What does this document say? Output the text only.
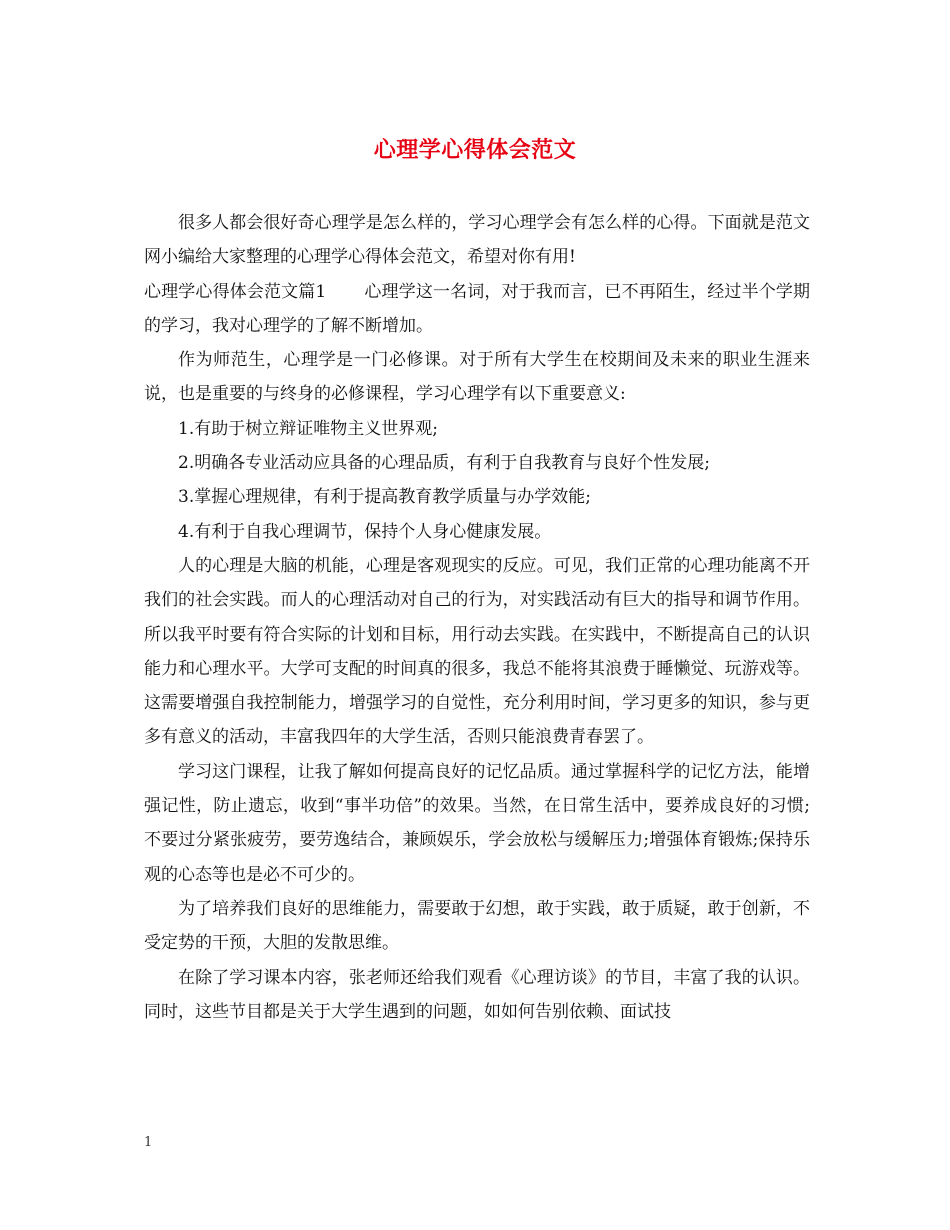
心理学心得体会范文

很多人都会很好奇心理学是怎么样的，学习心理学会有怎么样的心得。下面就是范文网小编给大家整理的心理学心得体会范文，希望对你有用!

心理学心得体会范文篇1 心理学这一名词，对于我而言，已不再陌生，经过半个学期的学习，我对心理学的了解不断增加。

作为师范生，心理学是一门必修课。对于所有大学生在校期间及未来的职业生涯来说，也是重要的与终身的必修课程，学习心理学有以下重要意义:

1.有助于树立辩证唯物主义世界观;

2.明确各专业活动应具备的心理品质，有利于自我教育与良好个性发展;

3.掌握心理规律，有利于提高教育教学质量与办学效能;

4.有利于自我心理调节，保持个人身心健康发展。

人的心理是大脑的机能，心理是客观现实的反应。可见，我们正常的心理功能离不开我们的社会实践。而人的心理活动对自己的行为，对实践活动有巨大的指导和调节作用。所以我平时要有符合实际的计划和目标，用行动去实践。在实践中，不断提高自己的认识能力和心理水平。大学可支配的时间真的很多，我总不能将其浪费于睡懒觉、玩游戏等。这需要增强自我控制能力，增强学习的自觉性，充分利用时间，学习更多的知识，参与更多有意义的活动，丰富我四年的大学生活，否则只能浪费青春罢了。

学习这门课程，让我了解如何提高良好的记忆品质。通过掌握科学的记忆方法，能增强记性，防止遗忘，收到“事半功倍”的效果。当然，在日常生活中，要养成良好的习惯;不要过分紧张疲劳，要劳逸结合，兼顾娱乐，学会放松与缓解压力;增强体育锻炼;保持乐观的心态等也是必不可少的。

为了培养我们良好的思维能力，需要敢于幻想，敢于实践，敢于质疑，敢于创新，不受定势的干预，大胆的发散思维。

在除了学习课本内容，张老师还给我们观看《心理访谈》的节目，丰富了我的认识。同时，这些节目都是关于大学生遇到的问题，如如何告别依赖、面试技

1
